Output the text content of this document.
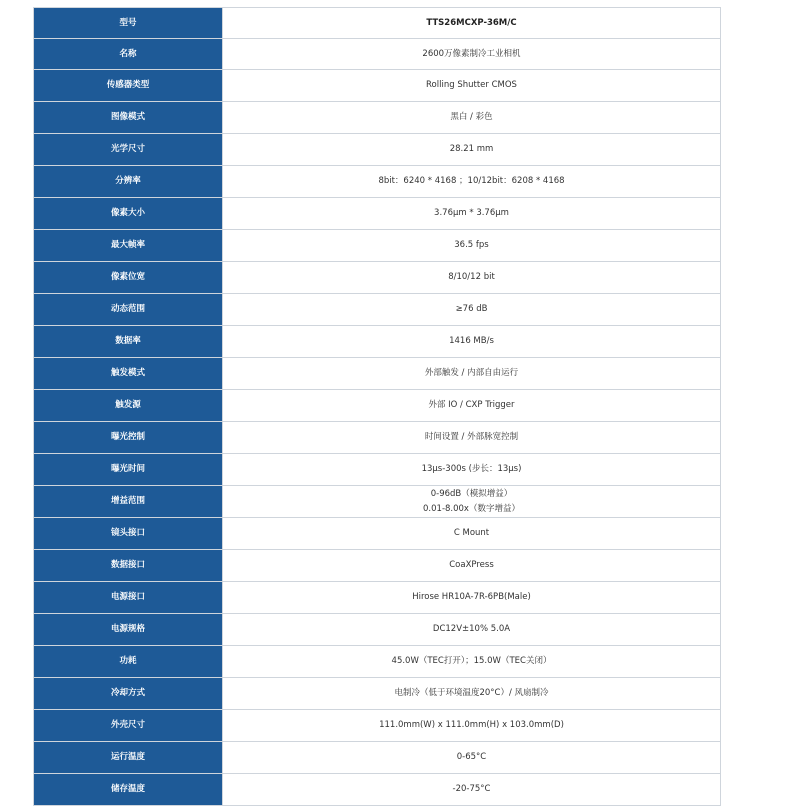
型号	TTS26MCXP-36M/C
名称	2600万像素制冷工业相机
传感器类型	Rolling Shutter CMOS
图像模式	黑白 / 彩色
光学尺寸	28.21 mm
分辨率	8bit：6240 * 4168 ；10/12bit：6208 * 4168
像素大小	3.76μm * 3.76μm
最大帧率	36.5 fps
像素位宽	8/10/12 bit
动态范围	≥76 dB
数据率	1416 MB/s
触发模式	外部触发 / 内部自由运行
触发源	外部 IO / CXP Trigger
曝光控制	时间设置 / 外部脉宽控制
曝光时间	13μs-300s (步长：13μs)
增益范围	0-96dB（模拟增益）
0.01-8.00x（数字增益）

镜头接口	C Mount
数据接口	CoaXPress
电源接口	Hirose HR10A-7R-6PB(Male)
电源规格	DC12V±10% 5.0A
功耗	45.0W（TEC打开）；15.0W（TEC关闭）
冷却方式	电制冷（低于环境温度20°C）/ 风扇制冷
外壳尺寸	111.0mm(W) x 111.0mm(H) x 103.0mm(D)
运行温度	0-65°C
储存温度	-20-75°C
